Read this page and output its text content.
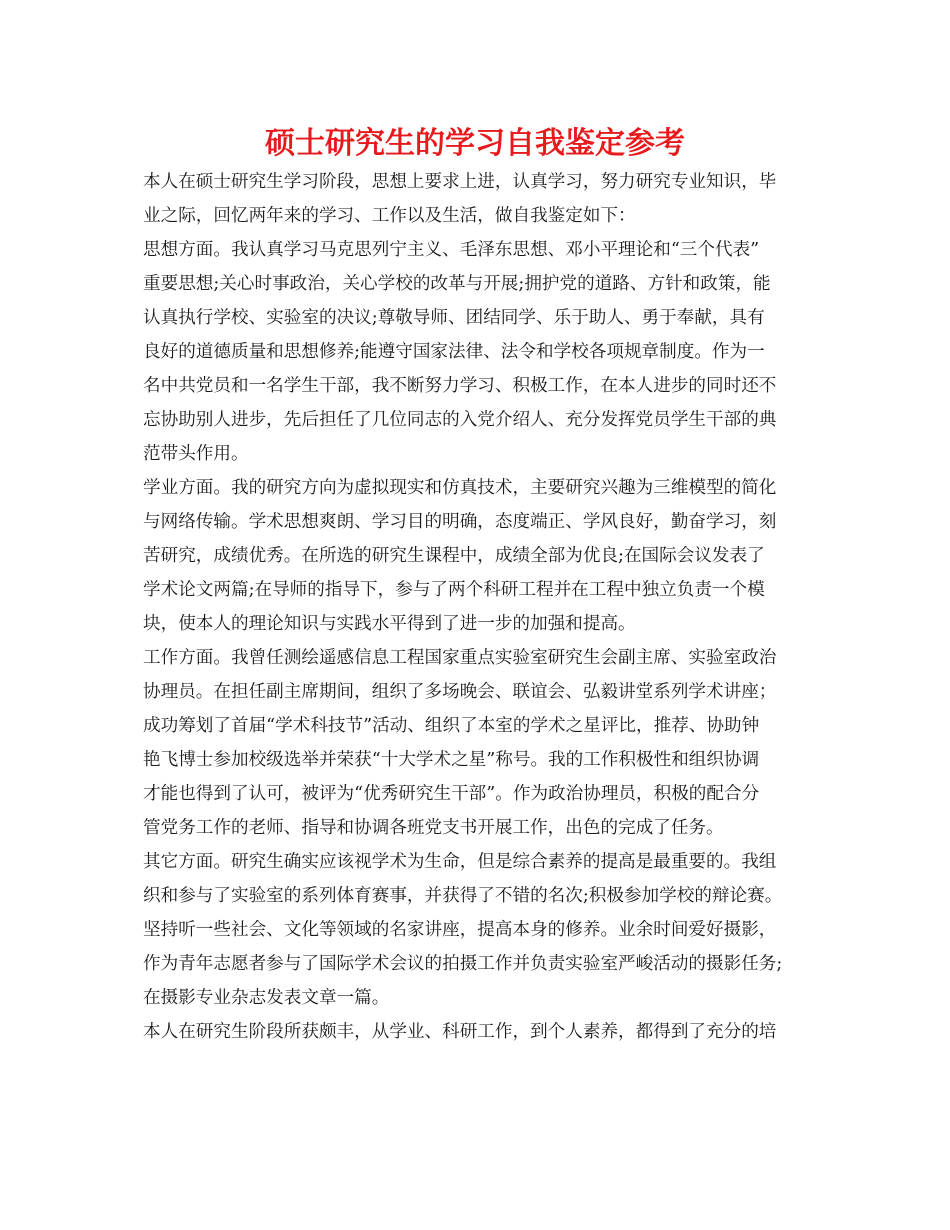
硕士研究生的学习自我鉴定参考
本人在硕士研究生学习阶段，思想上要求上进，认真学习，努力研究专业知识，毕
业之际，回忆两年来的学习、工作以及生活，做自我鉴定如下：
思想方面。我认真学习马克思列宁主义、毛泽东思想、邓小平理论和“三个代表”
重要思想;关心时事政治，关心学校的改革与开展;拥护党的道路、方针和政策，能
认真执行学校、实验室的决议;尊敬导师、团结同学、乐于助人、勇于奉献，具有
良好的道德质量和思想修养;能遵守国家法律、法令和学校各项规章制度。作为一
名中共党员和一名学生干部，我不断努力学习、积极工作，在本人进步的同时还不
忘协助别人进步，先后担任了几位同志的入党介绍人、充分发挥党员学生干部的典
范带头作用。
学业方面。我的研究方向为虚拟现实和仿真技术，主要研究兴趣为三维模型的简化
与网络传输。学术思想爽朗、学习目的明确，态度端正、学风良好，勤奋学习，刻
苦研究，成绩优秀。在所选的研究生课程中，成绩全部为优良;在国际会议发表了
学术论文两篇;在导师的指导下，参与了两个科研工程并在工程中独立负责一个模
块，使本人的理论知识与实践水平得到了进一步的加强和提高。
工作方面。我曾任测绘遥感信息工程国家重点实验室研究生会副主席、实验室政治
协理员。在担任副主席期间，组织了多场晚会、联谊会、弘毅讲堂系列学术讲座；
成功筹划了首届“学术科技节”活动、组织了本室的学术之星评比，推荐、协助钟
艳飞博士参加校级选举并荣获“十大学术之星”称号。我的工作积极性和组织协调
才能也得到了认可，被评为“优秀研究生干部”。作为政治协理员，积极的配合分
管党务工作的老师、指导和协调各班党支书开展工作，出色的完成了任务。
其它方面。研究生确实应该视学术为生命，但是综合素养的提高是最重要的。我组
织和参与了实验室的系列体育赛事，并获得了不错的名次;积极参加学校的辩论赛。
坚持听一些社会、文化等领域的名家讲座，提高本身的修养。业余时间爱好摄影，
作为青年志愿者参与了国际学术会议的拍摄工作并负责实验室严峻活动的摄影任务;
在摄影专业杂志发表文章一篇。
本人在研究生阶段所获颇丰，从学业、科研工作，到个人素养，都得到了充分的培
